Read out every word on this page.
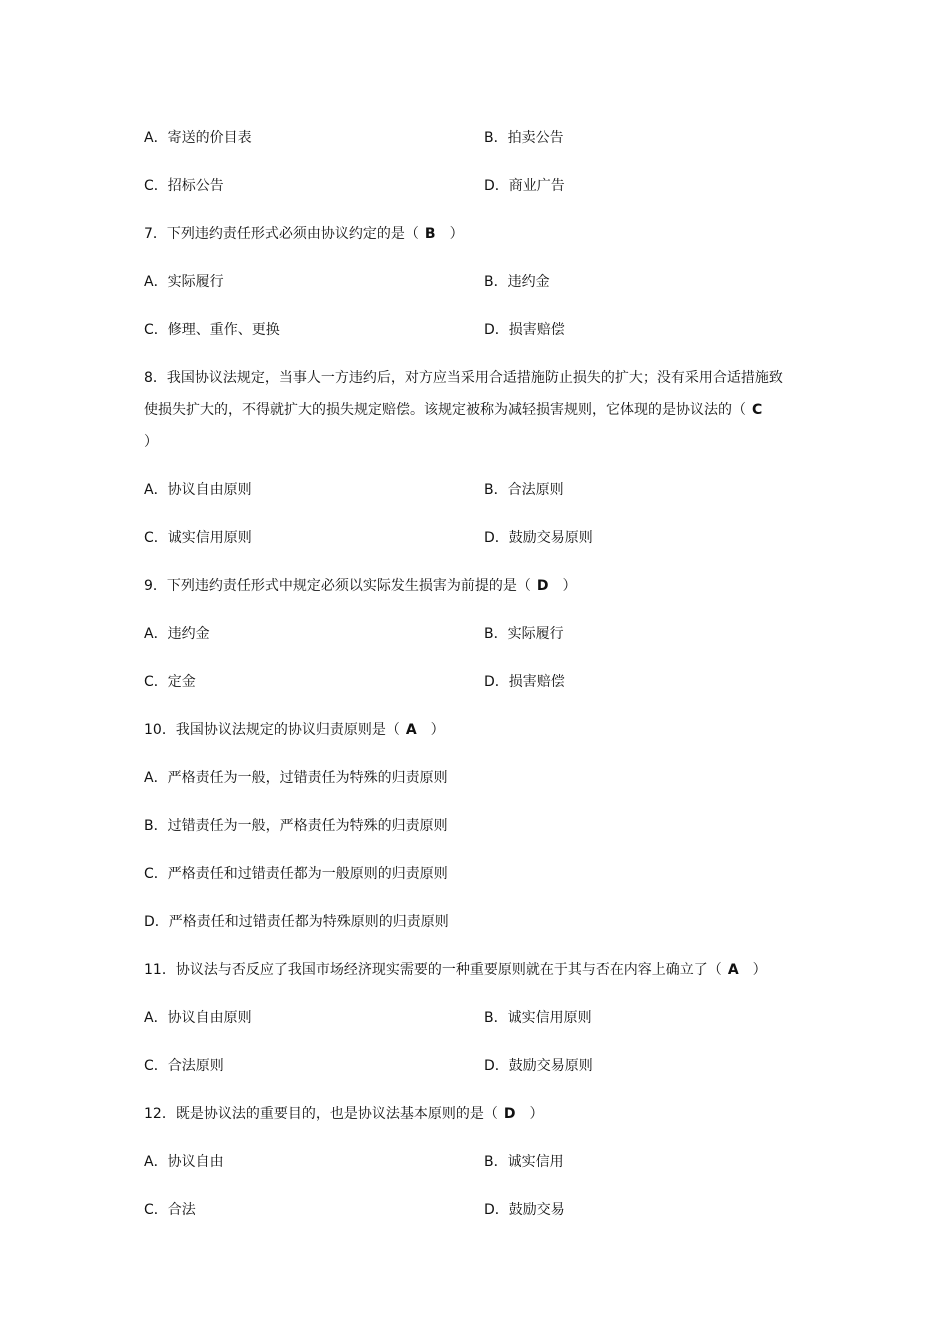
A．寄送的价目表	B．拍卖公告
C．招标公告	D．商业广告
7．下列违约责任形式必须由协议约定的是（ B ）
A．实际履行	B．违约金
C．修理、重作、更换	D．损害赔偿
8．我国协议法规定，当事人一方违约后，对方应当采用合适措施防止损失的扩大；没有采用合适措施致
使损失扩大的，不得就扩大的损失规定赔偿。该规定被称为减轻损害规则，它体现的是协议法的（ C
）
A．协议自由原则	B．合法原则
C．诚实信用原则	D．鼓励交易原则
9．下列违约责任形式中规定必须以实际发生损害为前提的是（ D ）
A．违约金	B．实际履行
C．定金	D．损害赔偿
10．我国协议法规定的协议归责原则是（ A ）
A．严格责任为一般，过错责任为特殊的归责原则
B．过错责任为一般，严格责任为特殊的归责原则
C．严格责任和过错责任都为一般原则的归责原则
D．严格责任和过错责任都为特殊原则的归责原则
11．协议法与否反应了我国市场经济现实需要的一种重要原则就在于其与否在内容上确立了（ A ）
A．协议自由原则	B．诚实信用原则
C．合法原则	D．鼓励交易原则
12．既是协议法的重要目的，也是协议法基本原则的是（ D ）
A．协议自由	B．诚实信用
C．合法	D．鼓励交易
